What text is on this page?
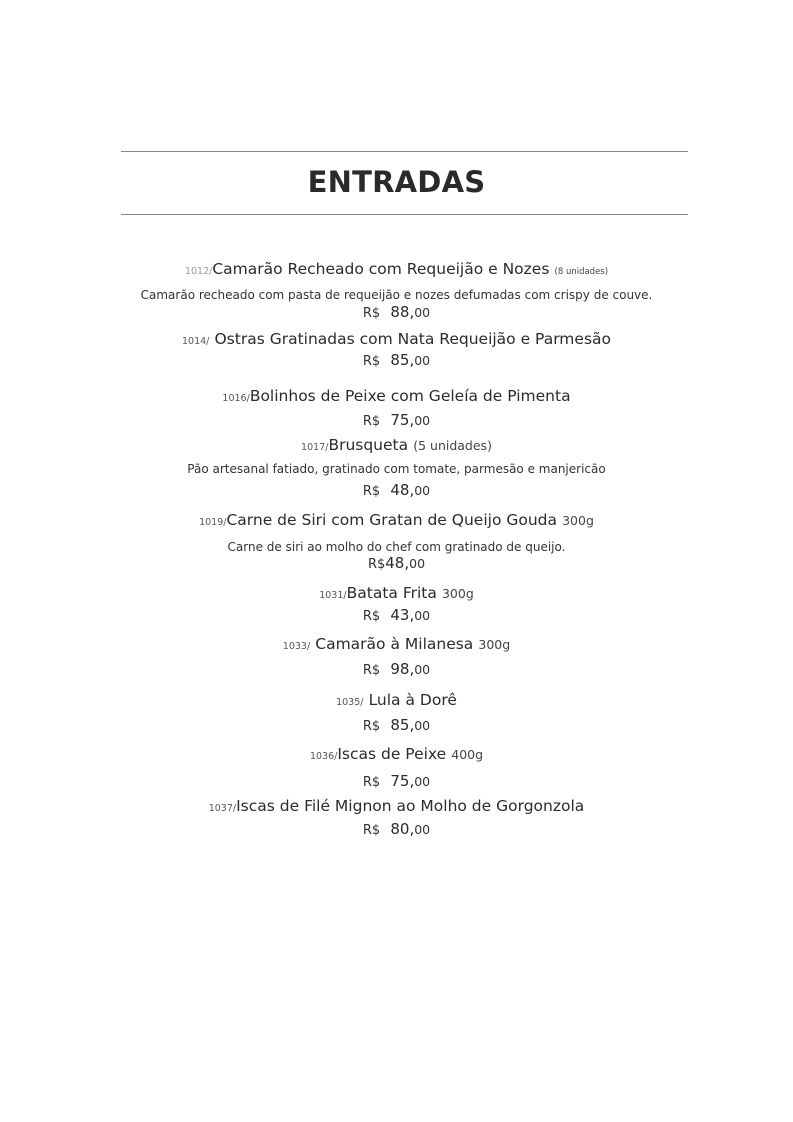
ENTRADAS
1012/Camarão Recheado com Requeijão e Nozes (8 unidades)
Camarão recheado com pasta de requeijão e nozes defumadas com crispy de couve.
R$ 88,00
1014/ Ostras Gratinadas com Nata Requeijão e Parmesão
R$ 85,00
1016/Bolinhos de Peixe com Geleía de Pimenta
R$ 75,00
1017/Brusqueta (5 unidades)
Pão artesanal fatiado, gratinado com tomate, parmesão e manjericão
R$ 48,00
1019/Carne de Siri com Gratan de Queijo Gouda 300g
Carne de siri ao molho do chef com gratinado de queijo.
R$48,00
1031/Batata Frita 300g
R$ 43,00
1033/ Camarão à Milanesa 300g
R$ 98,00
1035/ Lula à Dorê
R$ 85,00
1036/Iscas de Peixe 400g
R$ 75,00
1037/Iscas de Filé Mignon ao Molho de Gorgonzola
R$ 80,00
